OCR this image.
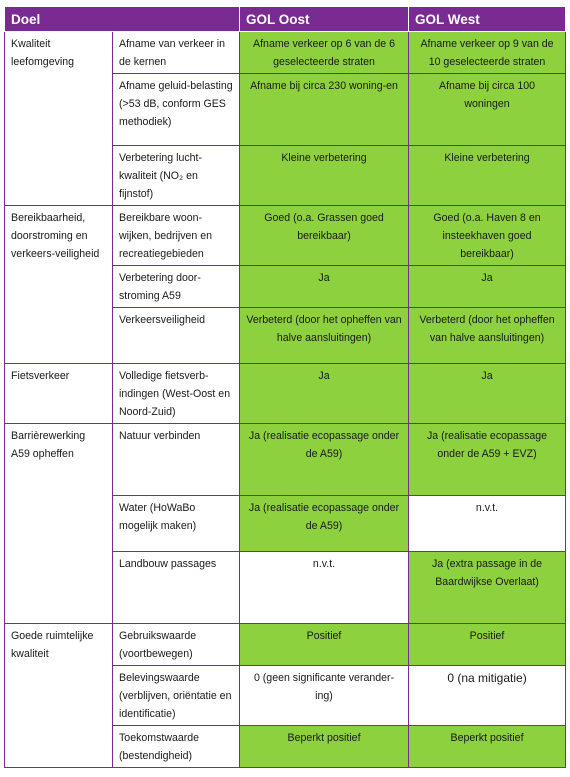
Doel		GOL Oost	GOL West
Kwaliteit leefomgeving	Afname van verkeer in de kernen	Afname verkeer op 6 van de 6 geselecteerde straten	Afname verkeer op 9 van de 10 geselecteerde straten
	Afname geluid-belasting (>53 dB, conform GES methodiek)	Afname bij circa 230 woning-en	Afname bij circa 100 woningen
	Verbetering lucht-kwaliteit (NO₂ en fijnstof)	Kleine verbetering	Kleine verbetering
Bereikbaarheid, doorstroming en verkeers-veiligheid	Bereikbare woon-wijken, bedrijven en recreatiegebieden	Goed (o.a. Grassen goed bereikbaar)	Goed (o.a. Haven 8 en insteekhaven goed bereikbaar)
	Verbetering door-stroming A59	Ja	Ja
	Verkeersveiligheid	Verbeterd (door het opheffen van halve aansluitingen)	Verbeterd (door het opheffen van halve aansluitingen)
Fietsverkeer	Volledige fietsverb-indingen (West-Oost en Noord-Zuid)	Ja	Ja
Barrièrewerking A59 opheffen	Natuur verbinden	Ja (realisatie ecopassage onder de A59)	Ja (realisatie ecopassage onder de A59 + EVZ)
	Water (HoWaBo mogelijk maken)	Ja (realisatie ecopassage onder de A59)	n.v.t.
	Landbouw passages	n.v.t.	Ja (extra passage in de Baardwijkse Overlaat)
Goede ruimtelijke kwaliteit	Gebruikswaarde (voortbewegen)	Positief	Positief
	Belevingswaarde (verblijven, oriëntatie en identificatie)	0 (geen significante verander-ing)	0 (na mitigatie)
	Toekomstwaarde (bestendigheid)	Beperkt positief	Beperkt positief
